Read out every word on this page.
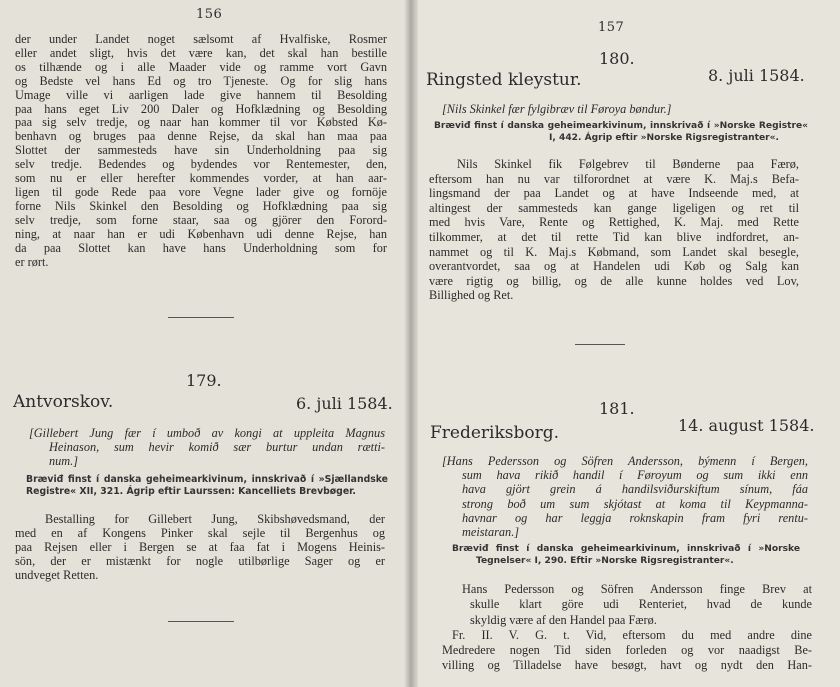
156
der under Landet noget sælsomt af Hvalfiske, Rosmer
eller andet sligt, hvis det være kan, det skal han bestille
os tilhænde og i alle Maader vide og ramme vort Gavn
og Bedste vel hans Ed og tro Tjeneste. Og for slig hans
Umage ville vi aarligen lade give hannem til Besolding
paa hans eget Liv 200 Daler og Hofklædning og Besolding
paa sig selv tredje, og naar han kommer til vor Købsted Kø-
benhavn og bruges paa denne Rejse, da skal han maa paa
Slottet der sammesteds have sin Underholdning paa sig
selv tredje. Bedendes og bydendes vor Rentemester, den,
som nu er eller herefter kommendes vorder, at han aar-
ligen til gode Rede paa vore Vegne lader give og fornöje
forne Nils Skinkel den Besolding og Hofklædning paa sig
selv tredje, som forne staar, saa og gjörer den Forord-
ning, at naar han er udi København udi denne Rejse, han
da paa Slottet kan have hans Underholdning som for
er rørt.
179.
Antvorskov.	6. juli 1584.
[Gillebert Jung fær í umboð av kongi at uppleita Magnus
Heinason, sum hevir komið sær burtur undan rætti-
num.]
Bræviđ finst í danska geheimearkivinum, innskrivað í »Sjællandske
Registre« XII, 321. Ágrip eftir Laurssen: Kancelliets Brevbøger.
Bestalling for Gillebert Jung, Skibshøvedsmand, der
med en af Kongens Pinker skal sejle til Bergenhus og
paa Rejsen eller i Bergen se at faa fat i Mogens Heinis-
sön, der er mistænkt for nogle utilbørlige Sager og er
undveget Retten.
157
180.
Ringsted kleystur.	8. juli 1584.
[Nils Skinkel fær fylgibræv til Føroya bøndur.]
Bræviđ finst í danska geheimearkivinum, innskrivað í »Norske Registre«
I, 442. Ágrip eftir »Norske Rigsregistranter«.
Nils Skinkel fik Følgebrev til Bønderne paa Færø,
eftersom han nu var tilforordnet at være K. Maj.s Befa-
lingsmand der paa Landet og at have Indseende med, at
altingest der sammesteds kan gange ligeligen og ret til
med hvis Vare, Rente og Rettighed, K. Maj. med Rette
tilkommer, at det til rette Tid kan blive indfordret, an-
nammet og til K. Maj.s Købmand, som Landet skal besegle,
overantvordet, saa og at Handelen udi Køb og Salg kan
være rigtig og billig, og de alle kunne holdes ved Lov,
Billighed og Ret.
181.
Frederiksborg.	14. august 1584.
[Hans Pedersson og Söfren Andersson, býmenn í Bergen,
sum hava rikið handil í Føroyum og sum ikki enn
hava gjört grein á handilsviðurskiftum sínum, fáa
strong boð um sum skjótast at koma til Keypmanna-
havnar og har leggja roknskapin fram fyri rentu-
meistaran.]
Bræviđ finst í danska geheimearkivinum, innskrivað í »Norske
Tegnelser« I, 290. Eftir »Norske Rigsregistranter«.
Hans Pedersson og Söfren Andersson finge Brev at
skulle klart göre udi Renteriet, hvad de kunde
skyldig være af den Handel paa Færø.
Fr. II. V. G. t. Vid, eftersom du med andre dine
Medredere nogen Tid siden forleden og vor naadigst Be-
villing og Tilladelse have besøgt, havt og nydt den Han-
